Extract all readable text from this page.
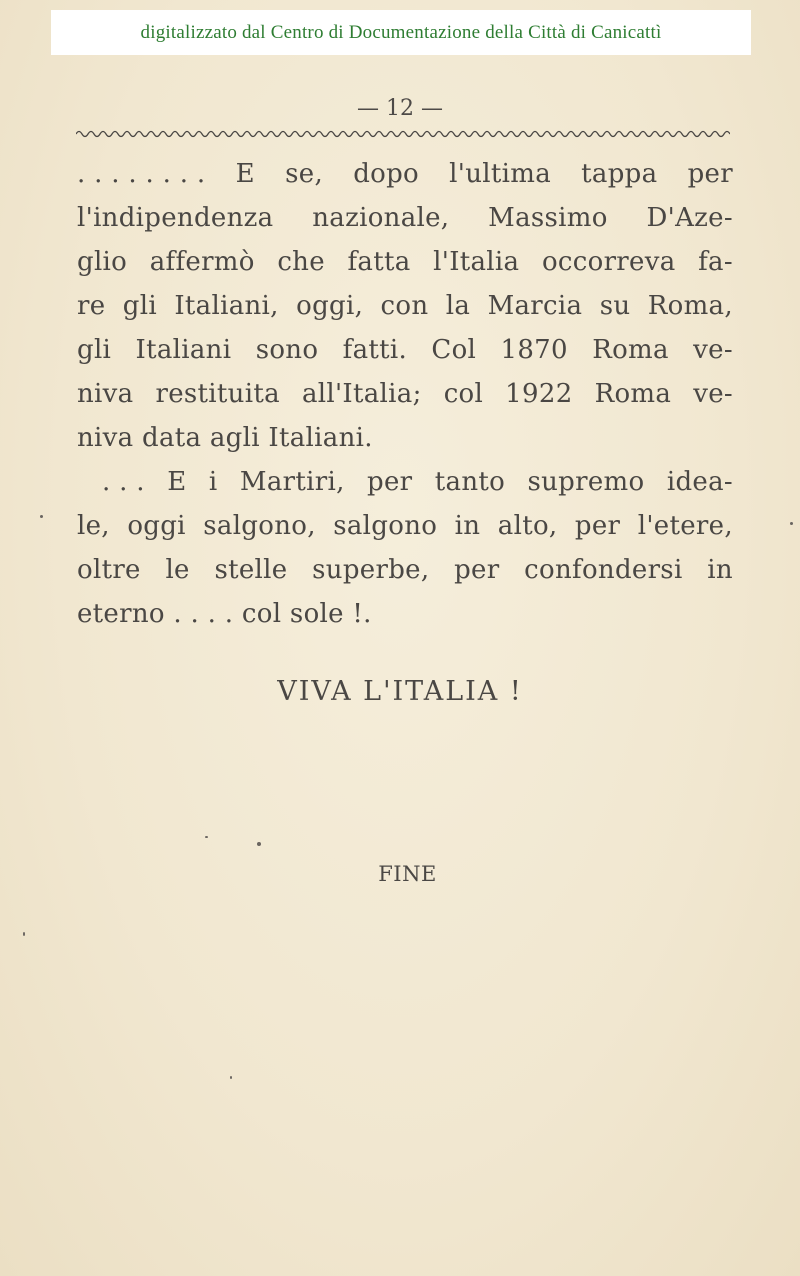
digitalizzato dal Centro di Documentazione della Città di Canicattì
— 12 —
. . . . . . . . E se, dopo l'ultima tappa per
l'indipendenza nazionale, Massimo D'Aze-
glio affermò che fatta l'Italia occorreva fa-
re gli Italiani, oggi, con la Marcia su Roma,
gli Italiani sono fatti. Col 1870 Roma ve-
niva restituita all'Italia; col 1922 Roma ve-
niva data agli Italiani.
. . . E i Martiri, per tanto supremo idea-
le, oggi salgono, salgono in alto, per l'etere,
oltre le stelle superbe, per confondersi in
eterno . . . . col sole !.
VIVA L'ITALIA !
FINE
